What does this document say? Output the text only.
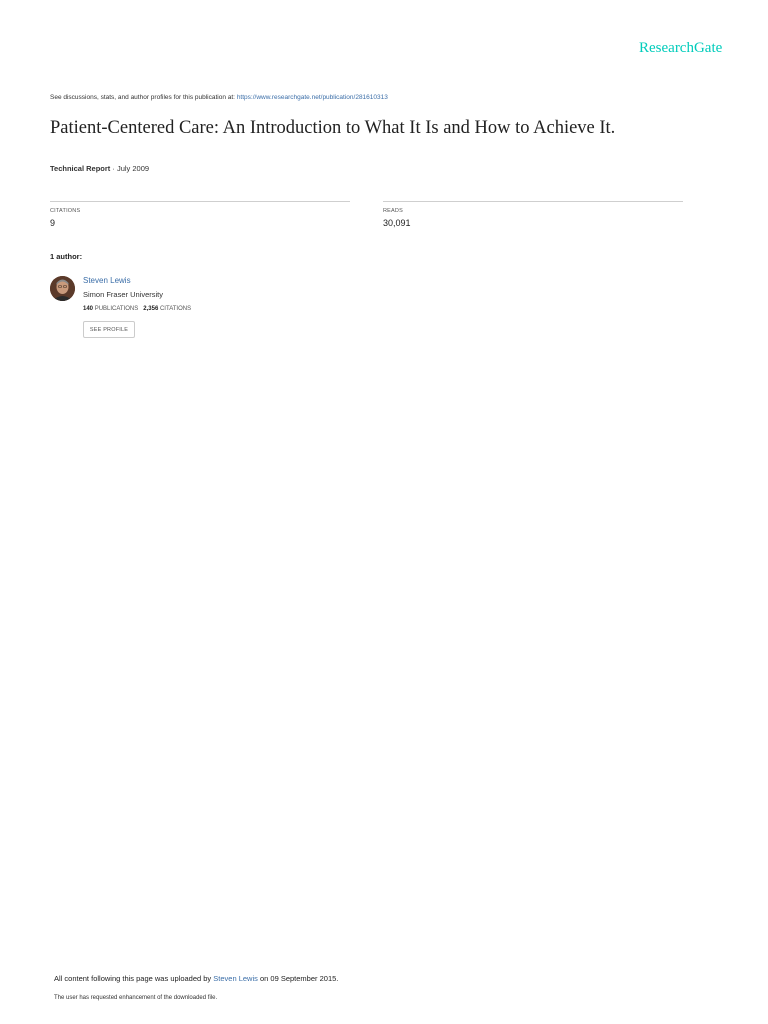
ResearchGate
See discussions, stats, and author profiles for this publication at: https://www.researchgate.net/publication/281610313
Patient-Centered Care: An Introduction to What It Is and How to Achieve It.
Technical Report · July 2009
CITATIONS
9
READS
30,091
1 author:
Steven Lewis
Simon Fraser University
140 PUBLICATIONS 2,356 CITATIONS
SEE PROFILE
All content following this page was uploaded by Steven Lewis on 09 September 2015.
The user has requested enhancement of the downloaded file.
